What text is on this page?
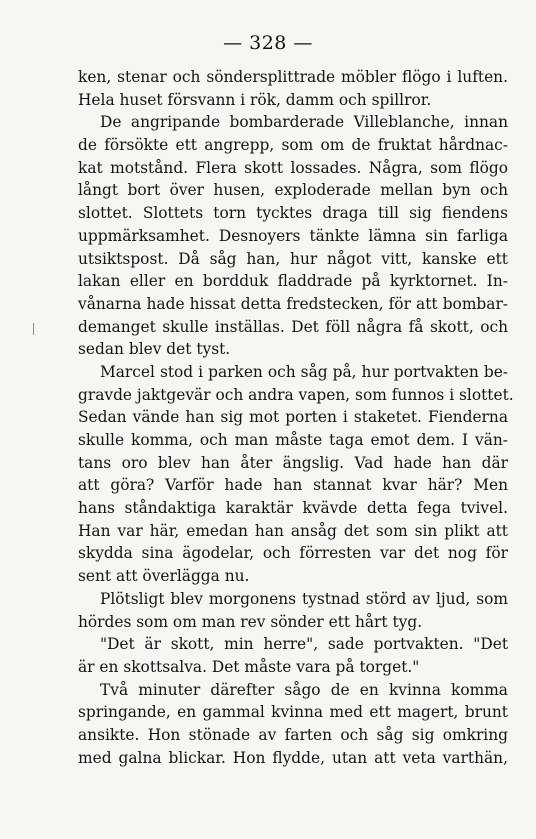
— 328 —
ken, stenar och söndersplittrade möbler flögo i luften.
Hela huset försvann i rök, damm och spillror.
De angripande bombarderade Villeblanche, innan
de försökte ett angrepp, som om de fruktat hårdnac-
kat motstånd. Flera skott lossades. Några, som flögo
långt bort över husen, exploderade mellan byn och
slottet. Slottets torn tycktes draga till sig fiendens
uppmärksamhet. Desnoyers tänkte lämna sin farliga
utsiktspost. Då såg han, hur något vitt, kanske ett
lakan eller en bordduk fladdrade på kyrktornet. In-
vånarna hade hissat detta fredstecken, för att bombar-
demanget skulle inställas. Det föll några få skott, och
sedan blev det tyst.
Marcel stod i parken och såg på, hur portvakten be-
gravde jaktgevär och andra vapen, som funnos i slottet.
Sedan vände han sig mot porten i staketet. Fienderna
skulle komma, och man måste taga emot dem. I vän-
tans oro blev han åter ängslig. Vad hade han där
att göra? Varför hade han stannat kvar här? Men
hans ståndaktiga karaktär kvävde detta fega tvivel.
Han var här, emedan han ansåg det som sin plikt att
skydda sina ägodelar, och förresten var det nog för
sent att överlägga nu.
Plötsligt blev morgonens tystnad störd av ljud, som
hördes som om man rev sönder ett hårt tyg.
"Det är skott, min herre", sade portvakten. "Det
är en skottsalva. Det måste vara på torget."
Två minuter därefter sågo de en kvinna komma
springande, en gammal kvinna med ett magert, brunt
ansikte. Hon stönade av farten och såg sig omkring
med galna blickar. Hon flydde, utan att veta varthän,
